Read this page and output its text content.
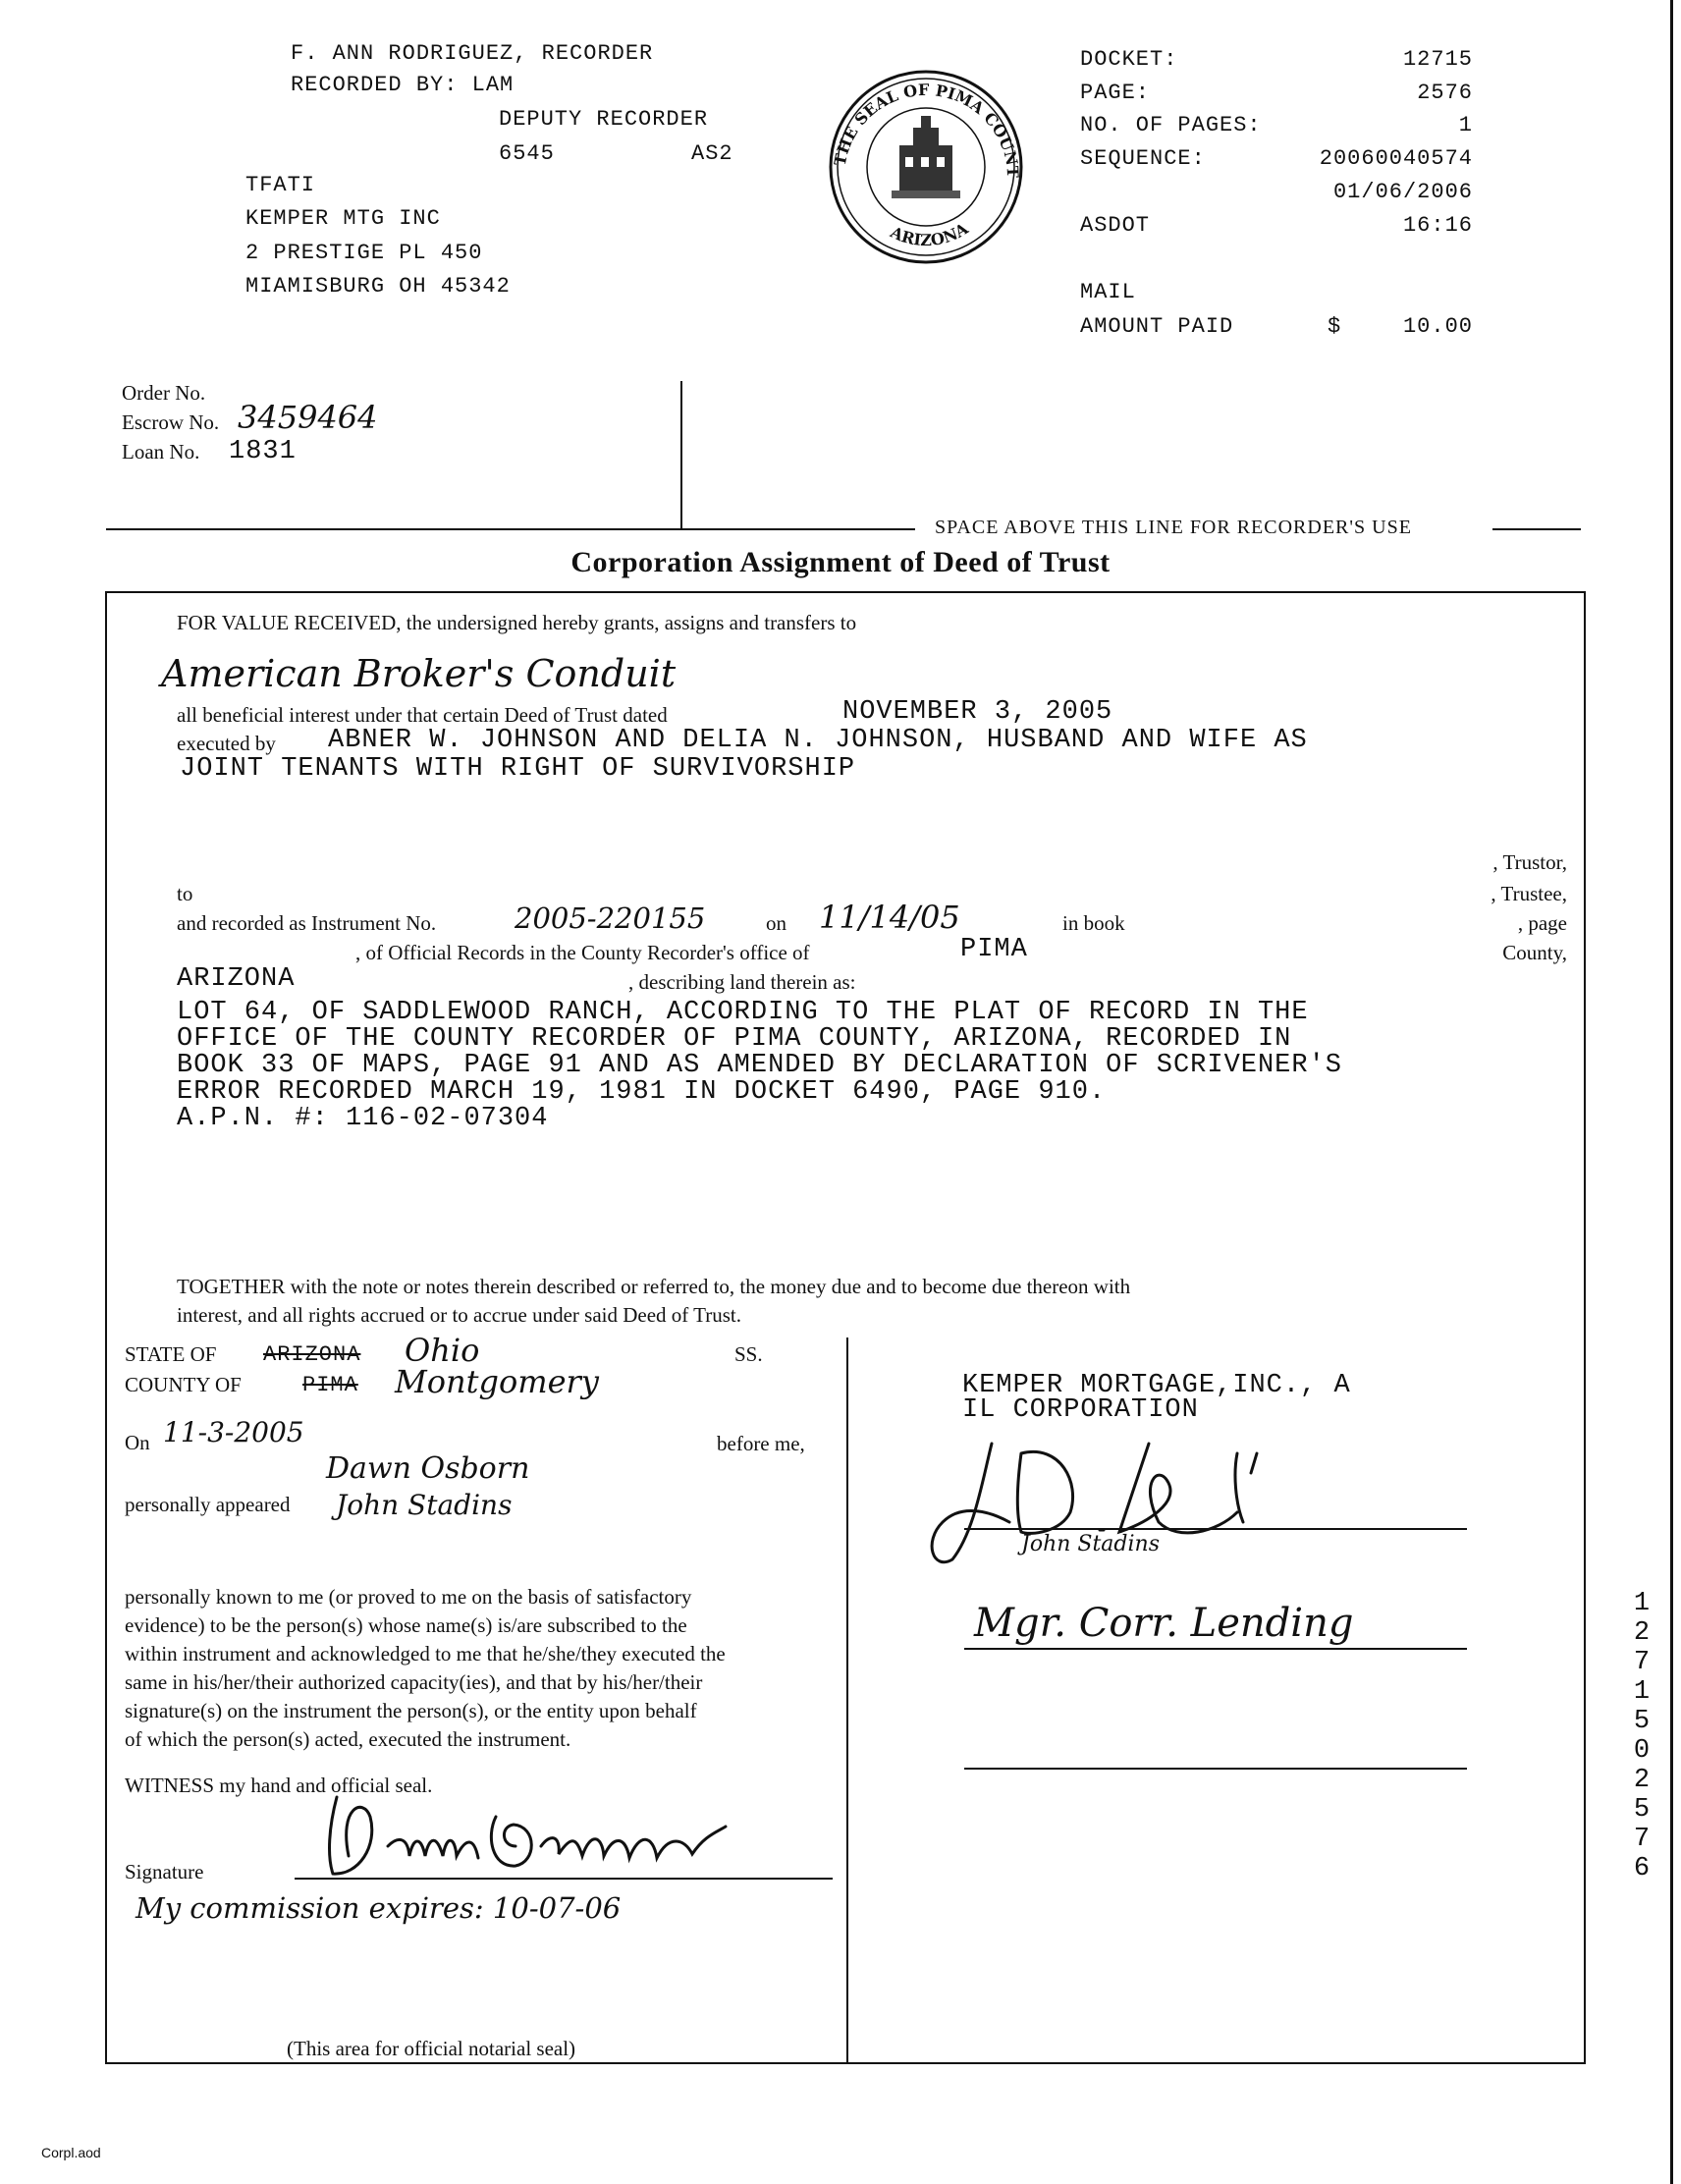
F. ANN RODRIGUEZ, RECORDER
RECORDED BY: LAM
DEPUTY RECORDER
6545	AS2
TFATI
KEMPER MTG INC
2 PRESTIGE PL 450
MIAMISBURG OH 45342
THE SEAL OF PIMA COUNTY
ARIZONA
DOCKET:	12715
PAGE:	2576
NO. OF PAGES:	1
SEQUENCE:	20060040574
01/06/2006
ASDOT	16:16
MAIL
AMOUNT PAID	$	10.00
Order No.
Escrow No. 3459464
Loan No. 1831
SPACE ABOVE THIS LINE FOR RECORDER'S USE
Corporation Assignment of Deed of Trust
FOR VALUE RECEIVED, the undersigned hereby grants, assigns and transfers to
American Broker's Conduit
all beneficial interest under that certain Deed of Trust dated	NOVEMBER 3, 2005
executed by ABNER W. JOHNSON AND DELIA N. JOHNSON, HUSBAND AND WIFE AS
JOINT TENANTS WITH RIGHT OF SURVIVORSHIP
, Trustor,
to	, Trustee,
and recorded as Instrument No.	2005-220155	on 11/14/05	in book	, page
, of Official Records in the County Recorder's office of	PIMA	County,
ARIZONA	, describing land therein as:
LOT 64, OF SADDLEWOOD RANCH, ACCORDING TO THE PLAT OF RECORD IN THE
OFFICE OF THE COUNTY RECORDER OF PIMA COUNTY, ARIZONA, RECORDED IN
BOOK 33 OF MAPS, PAGE 91 AND AS AMENDED BY DECLARATION OF SCRIVENER'S
ERROR RECORDED MARCH 19, 1981 IN DOCKET 6490, PAGE 910.
A.P.N. #: 116-02-07304
TOGETHER with the note or notes therein described or referred to, the money due and to become due thereon with
interest, and all rights accrued or to accrue under said Deed of Trust.
STATE OF ARIZONA Ohio	SS.
COUNTY OF	PIMA Montgomery
On 11-3-2005	before me,
Dawn Osborn
personally appeared John Stadins
personally known to me (or proved to me on the basis of satisfactory
evidence) to be the person(s) whose name(s) is/are subscribed to the
within instrument and acknowledged to me that he/she/they executed the
same in his/her/their authorized capacity(ies), and that by his/her/their
signature(s) on the instrument the person(s), or the entity upon behalf
of which the person(s) acted, executed the instrument.
WITNESS my hand and official seal.
Signature
My commission expires: 10-07-06
(This area for official notarial seal)
KEMPER MORTGAGE,INC., A
IL CORPORATION
John Stadins
Mgr. Corr. Lending	12715 02576
Corpl.aod
